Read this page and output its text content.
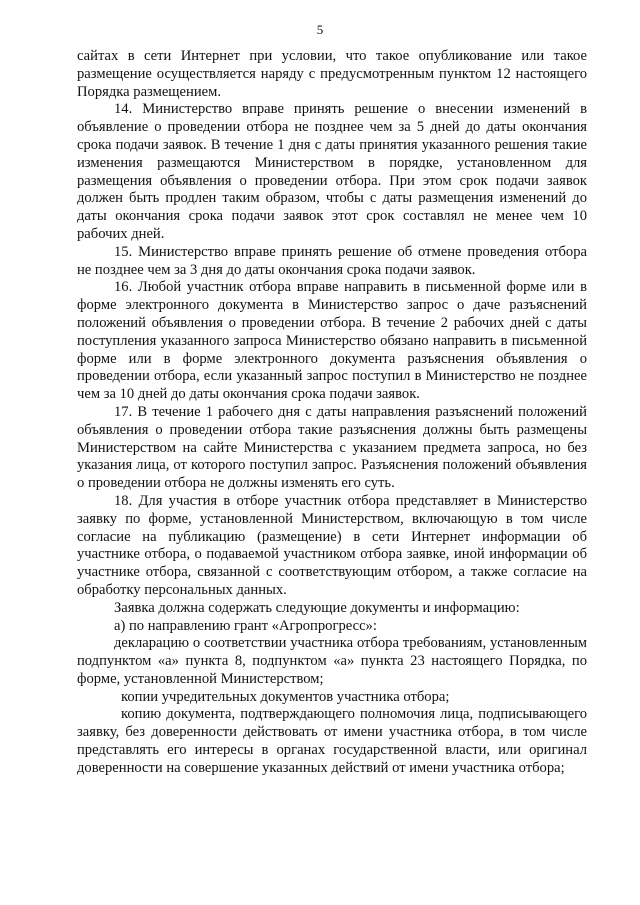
5

сайтах в сети Интернет при условии, что такое опубликование или такое размещение осуществляется наряду с предусмотренным пунктом 12 настоящего Порядка размещением.

14. Министерство вправе принять решение о внесении изменений в объявление о проведении отбора не позднее чем за 5 дней до даты окончания срока подачи заявок. В течение 1 дня с даты принятия указанного решения такие изменения размещаются Министерством в порядке, установленном для размещения объявления о проведении отбора. При этом срок подачи заявок должен быть продлен таким образом, чтобы с даты размещения изменений до даты окончания срока подачи заявок этот срок составлял не менее чем 10 рабочих дней.

15. Министерство вправе принять решение об отмене проведения отбора не позднее чем за 3 дня до даты окончания срока подачи заявок.

16. Любой участник отбора вправе направить в письменной форме или в форме электронного документа в Министерство запрос о даче разъяснений положений объявления о проведении отбора. В течение 2 рабочих дней с даты поступления указанного запроса Министерство обязано направить в письменной форме или в форме электронного документа разъяснения объявления о проведении отбора, если указанный запрос поступил в Министерство не позднее чем за 10 дней до даты окончания срока подачи заявок.

17. В течение 1 рабочего дня с даты направления разъяснений положений объявления о проведении отбора такие разъяснения должны быть размещены Министерством на сайте Министерства с указанием предмета запроса, но без указания лица, от которого поступил запрос. Разъяснения положений объявления о проведении отбора не должны изменять его суть.

18. Для участия в отборе участник отбора представляет в Министерство заявку по форме, установленной Министерством, включающую в том числе согласие на публикацию (размещение) в сети Интернет информации об участнике отбора, о подаваемой участником отбора заявке, иной информации об участнике отбора, связанной с соответствующим отбором, а также согласие на обработку персональных данных.

Заявка должна содержать следующие документы и информацию:

а) по направлению грант «Агропрогресс»:

декларацию о соответствии участника отбора требованиям, установленным подпунктом «а» пункта 8, подпунктом «а» пункта 23 настоящего Порядка, по форме, установленной Министерством;

копии учредительных документов участника отбора;

копию документа, подтверждающего полномочия лица, подписывающего заявку, без доверенности действовать от имени участника отбора, в том числе представлять его интересы в органах государственной власти, или оригинал доверенности на совершение указанных действий от имени участника отбора;
